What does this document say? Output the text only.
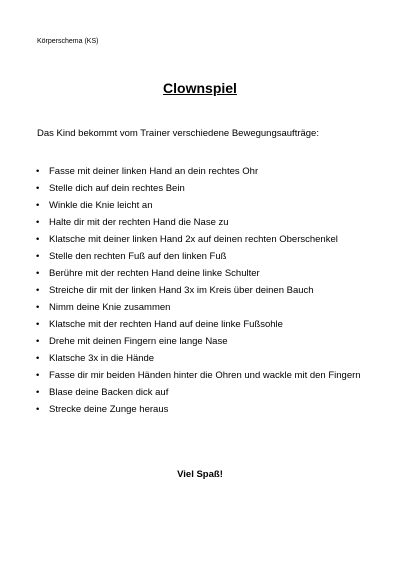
Körperschema (KS)
Clownspiel
Das Kind bekommt vom Trainer verschiedene Bewegungsaufträge:
• Fasse mit deiner linken Hand an dein rechtes Ohr
• Stelle dich auf dein rechtes Bein
• Winkle die Knie leicht an
• Halte dir mit der rechten Hand die Nase zu
• Klatsche mit deiner linken Hand 2x auf deinen rechten Oberschenkel
• Stelle den rechten Fuß auf den linken Fuß
• Berühre mit der rechten Hand deine linke Schulter
• Streiche dir mit der linken Hand 3x im Kreis über deinen Bauch
• Nimm deine Knie zusammen
• Klatsche mit der rechten Hand auf deine linke Fußsohle
• Drehe mit deinen Fingern eine lange Nase
• Klatsche 3x in die Hände
• Fasse dir mir beiden Händen hinter die Ohren und wackle mit den Fingern
• Blase deine Backen dick auf
• Strecke deine Zunge heraus
Viel Spaß!
